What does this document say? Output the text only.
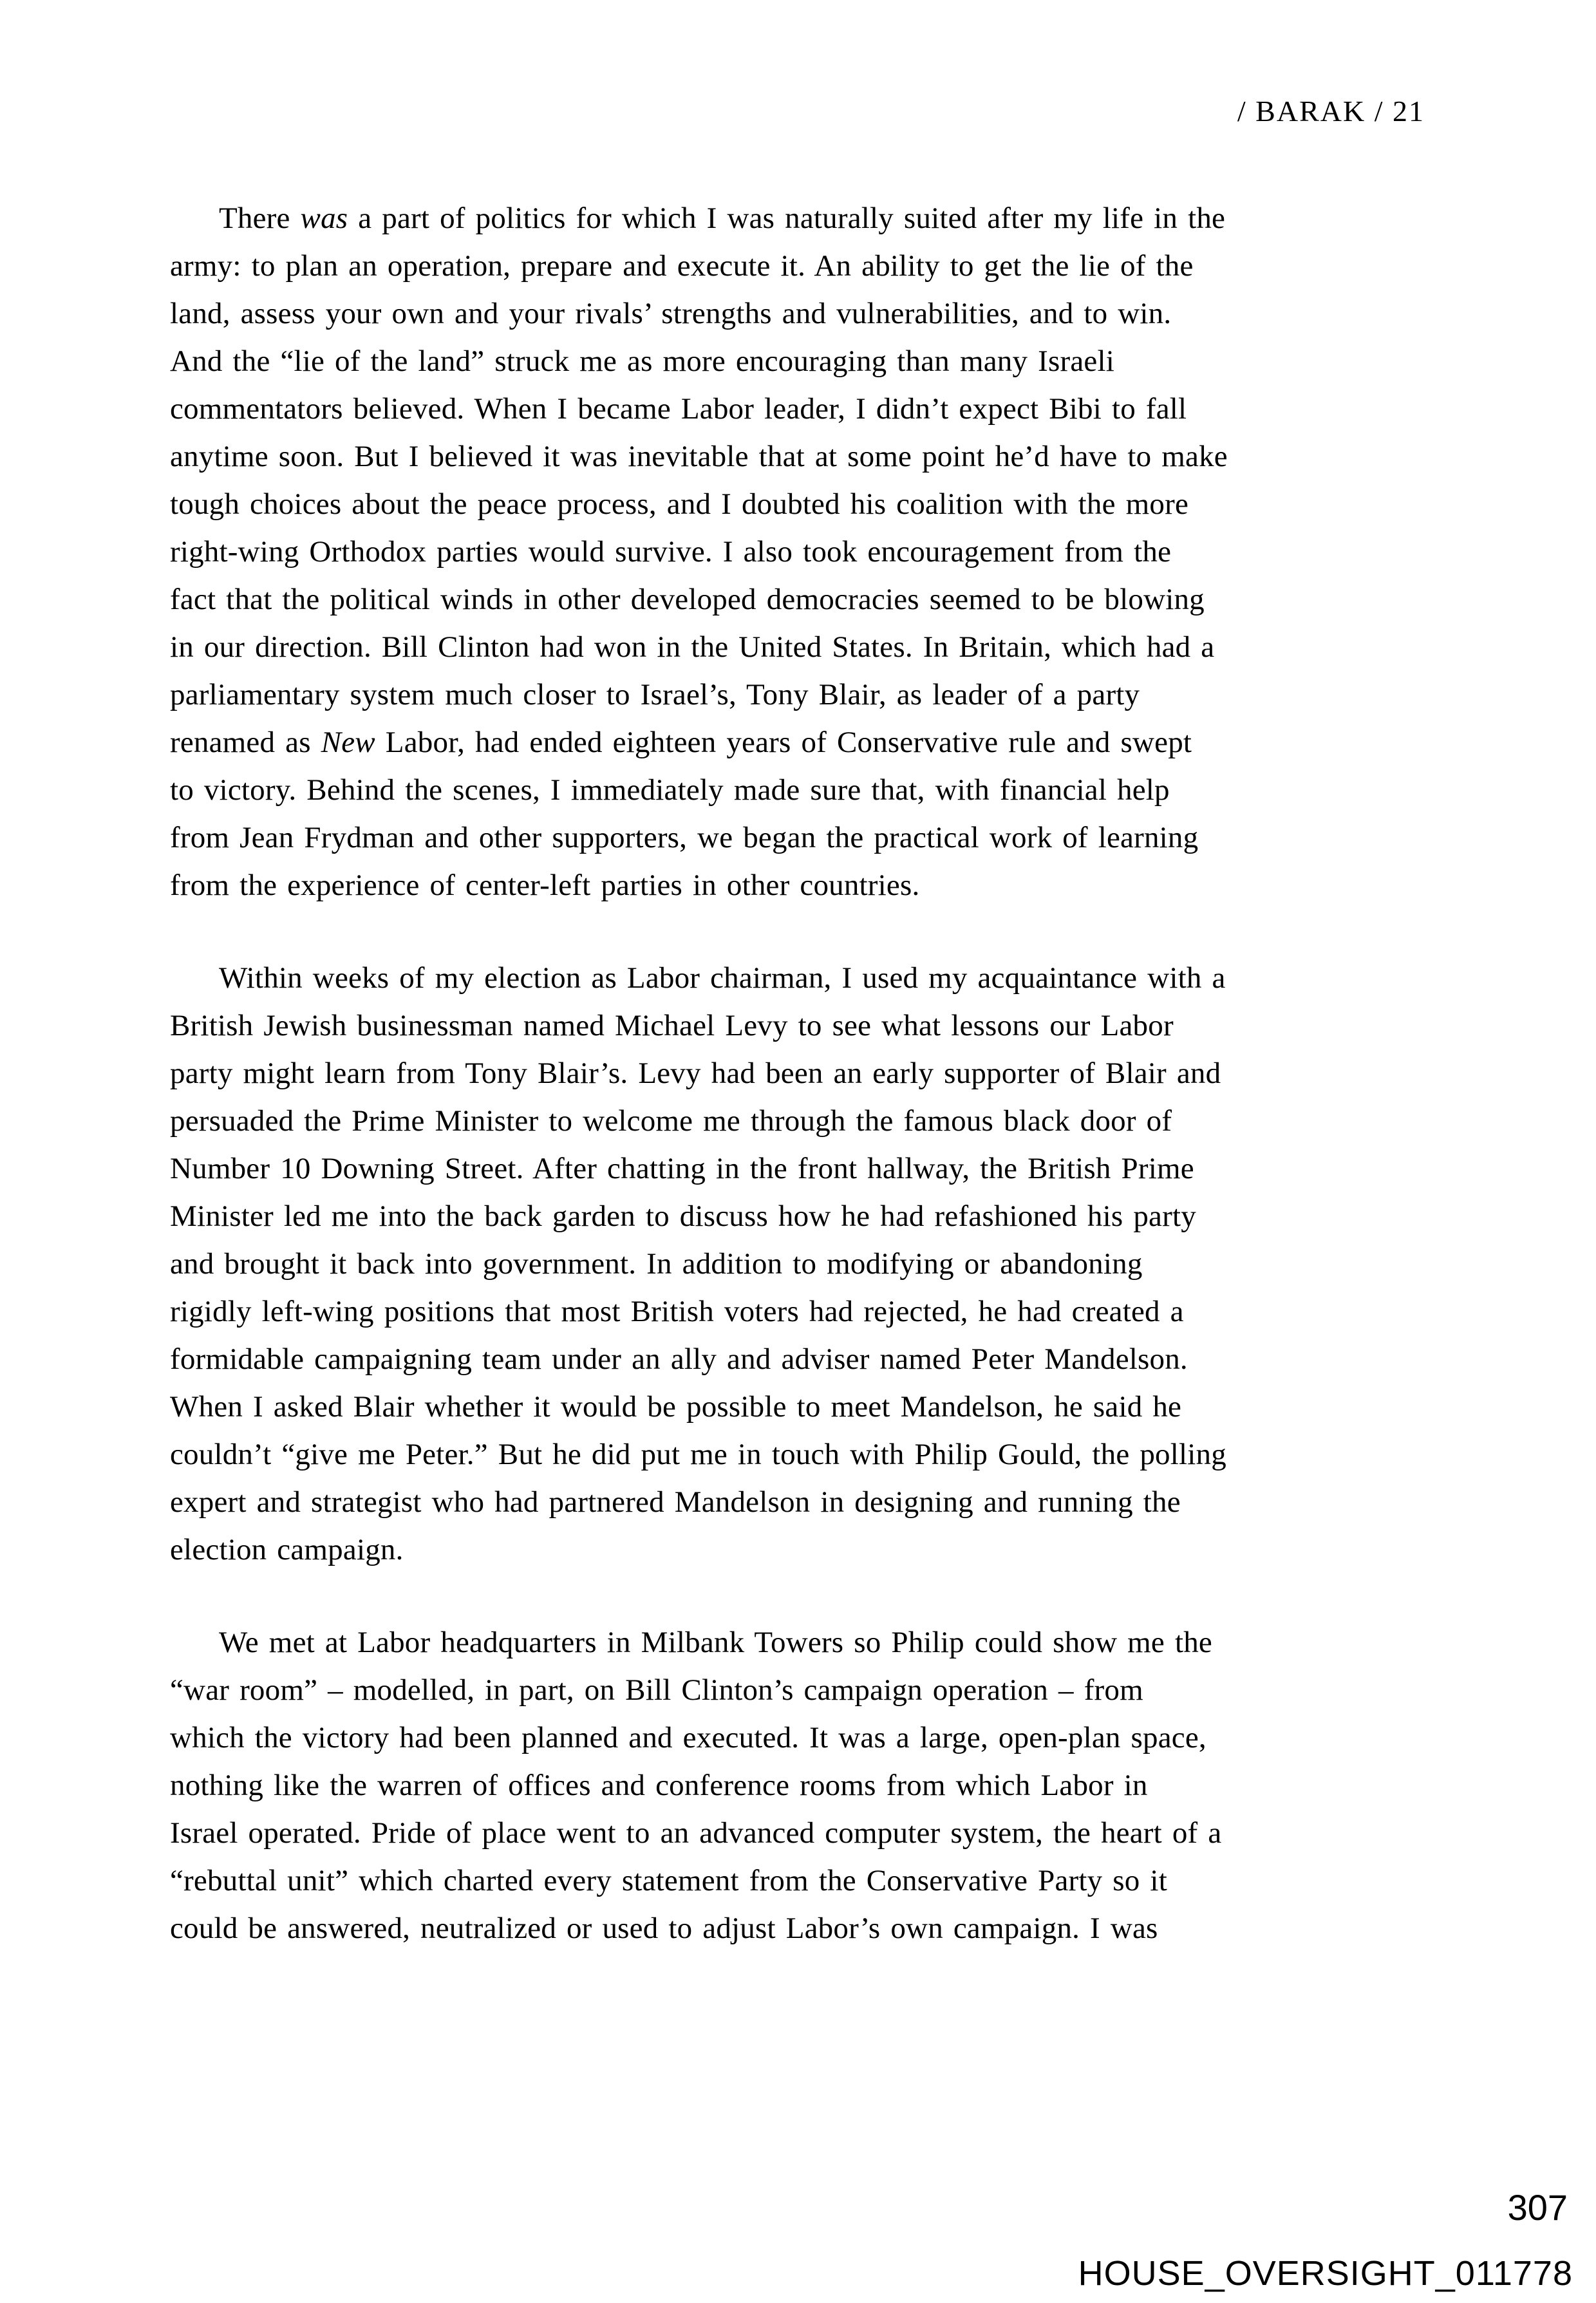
/ BARAK / 21
There was a part of politics for which I was naturally suited after my life in the
army: to plan an operation, prepare and execute it. An ability to get the lie of the
land, assess your own and your rivals’ strengths and vulnerabilities, and to win.
And the “lie of the land” struck me as more encouraging than many Israeli
commentators believed. When I became Labor leader, I didn’t expect Bibi to fall
anytime soon. But I believed it was inevitable that at some point he’d have to make
tough choices about the peace process, and I doubted his coalition with the more
right-wing Orthodox parties would survive. I also took encouragement from the
fact that the political winds in other developed democracies seemed to be blowing
in our direction. Bill Clinton had won in the United States. In Britain, which had a
parliamentary system much closer to Israel’s, Tony Blair, as leader of a party
renamed as New Labor, had ended eighteen years of Conservative rule and swept
to victory. Behind the scenes, I immediately made sure that, with financial help
from Jean Frydman and other supporters, we began the practical work of learning
from the experience of center-left parties in other countries.
Within weeks of my election as Labor chairman, I used my acquaintance with a
British Jewish businessman named Michael Levy to see what lessons our Labor
party might learn from Tony Blair’s. Levy had been an early supporter of Blair and
persuaded the Prime Minister to welcome me through the famous black door of
Number 10 Downing Street. After chatting in the front hallway, the British Prime
Minister led me into the back garden to discuss how he had refashioned his party
and brought it back into government. In addition to modifying or abandoning
rigidly left-wing positions that most British voters had rejected, he had created a
formidable campaigning team under an ally and adviser named Peter Mandelson.
When I asked Blair whether it would be possible to meet Mandelson, he said he
couldn’t “give me Peter.” But he did put me in touch with Philip Gould, the polling
expert and strategist who had partnered Mandelson in designing and running the
election campaign.
We met at Labor headquarters in Milbank Towers so Philip could show me the
“war room” – modelled, in part, on Bill Clinton’s campaign operation – from
which the victory had been planned and executed. It was a large, open-plan space,
nothing like the warren of offices and conference rooms from which Labor in
Israel operated. Pride of place went to an advanced computer system, the heart of a
“rebuttal unit” which charted every statement from the Conservative Party so it
could be answered, neutralized or used to adjust Labor’s own campaign. I was
307
HOUSE_OVERSIGHT_011778
